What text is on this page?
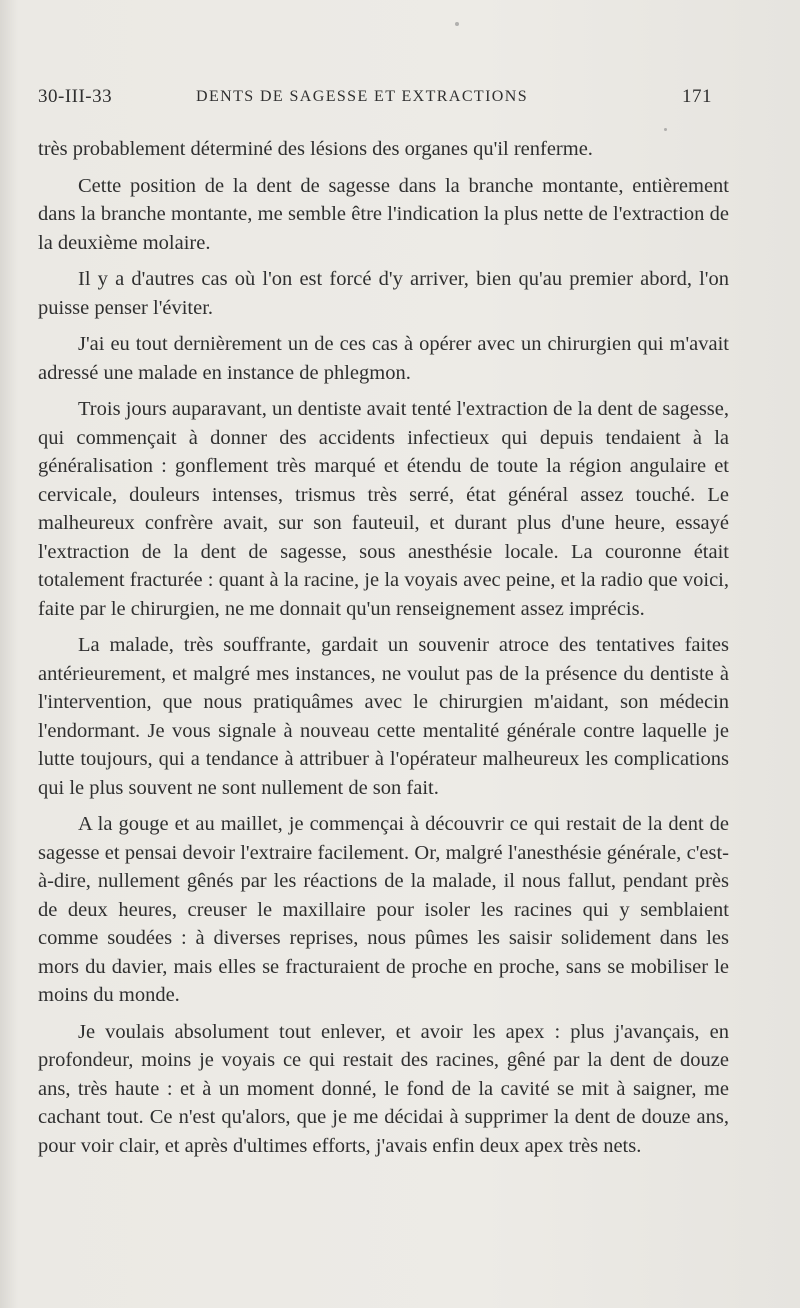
30-III-33	DENTS DE SAGESSE ET EXTRACTIONS	171

très probablement déterminé des lésions des organes qu'il renferme.

Cette position de la dent de sagesse dans la branche montante, entièrement dans la branche montante, me semble être l'indication la plus nette de l'extraction de la deuxième molaire.

Il y a d'autres cas où l'on est forcé d'y arriver, bien qu'au premier abord, l'on puisse penser l'éviter.

J'ai eu tout dernièrement un de ces cas à opérer avec un chirurgien qui m'avait adressé une malade en instance de phlegmon.

Trois jours auparavant, un dentiste avait tenté l'extraction de la dent de sagesse, qui commençait à donner des accidents infectieux qui depuis tendaient à la généralisation : gonflement très marqué et étendu de toute la région angulaire et cervicale, douleurs intenses, trismus très serré, état général assez touché. Le malheureux confrère avait, sur son fauteuil, et durant plus d'une heure, essayé l'extraction de la dent de sagesse, sous anesthésie locale. La couronne était totalement fracturée : quant à la racine, je la voyais avec peine, et la radio que voici, faite par le chirurgien, ne me donnait qu'un renseignement assez imprécis.

La malade, très souffrante, gardait un souvenir atroce des tentatives faites antérieurement, et malgré mes instances, ne voulut pas de la présence du dentiste à l'intervention, que nous pratiquâmes avec le chirurgien m'aidant, son médecin l'endormant. Je vous signale à nouveau cette mentalité générale contre laquelle je lutte toujours, qui a tendance à attribuer à l'opérateur malheureux les complications qui le plus souvent ne sont nullement de son fait.

A la gouge et au maillet, je commençai à découvrir ce qui restait de la dent de sagesse et pensai devoir l'extraire facilement. Or, malgré l'anesthésie générale, c'est-à-dire, nullement gênés par les réactions de la malade, il nous fallut, pendant près de deux heures, creuser le maxillaire pour isoler les racines qui y semblaient comme soudées : à diverses reprises, nous pûmes les saisir solidement dans les mors du davier, mais elles se fracturaient de proche en proche, sans se mobiliser le moins du monde.

Je voulais absolument tout enlever, et avoir les apex : plus j'avançais, en profondeur, moins je voyais ce qui restait des racines, gêné par la dent de douze ans, très haute : et à un moment donné, le fond de la cavité se mit à saigner, me cachant tout. Ce n'est qu'alors, que je me décidai à supprimer la dent de douze ans, pour voir clair, et après d'ultimes efforts, j'avais enfin deux apex très nets.
